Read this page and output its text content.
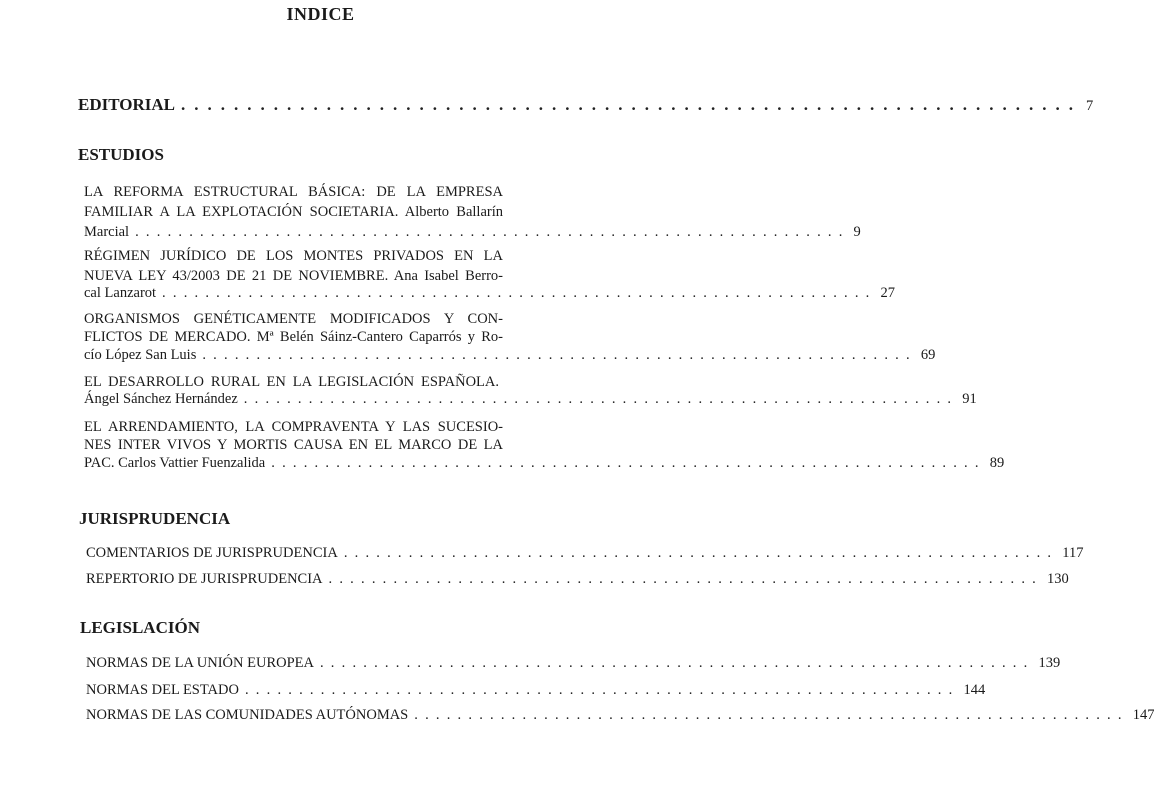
INDICE
EDITORIAL .................................................................... 7
ESTUDIOS
LA REFORMA ESTRUCTURAL BÁSICA: DE LA EMPRESA
FAMILIAR A LA EXPLOTACIÓN SOCIETARIA. Alberto Ballarín
Marcial .................................................................. 9
RÉGIMEN JURÍDICO DE LOS MONTES PRIVADOS EN LA
NUEVA LEY 43/2003 DE 21 DE NOVIEMBRE. Ana Isabel Berro-
cal Lanzarot .................................................................. 27
ORGANISMOS GENÉTICAMENTE MODIFICADOS Y CON-
FLICTOS DE MERCADO. Mª Belén Sáinz-Cantero Caparrós y Ro-
cío López San Luis .................................................................. 69
EL DESARROLLO RURAL EN LA LEGISLACIÓN ESPAÑOLA.
Ángel Sánchez Hernández .................................................................. 91
EL ARRENDAMIENTO, LA COMPRAVENTA Y LAS SUCESIO-
NES INTER VIVOS Y MORTIS CAUSA EN EL MARCO DE LA
PAC. Carlos Vattier Fuenzalida .................................................................. 89
JURISPRUDENCIA
COMENTARIOS DE JURISPRUDENCIA .................................................................. 117
REPERTORIO DE JURISPRUDENCIA .................................................................. 130
LEGISLACIÓN
NORMAS DE LA UNIÓN EUROPEA .................................................................. 139
NORMAS DEL ESTADO .................................................................. 144
NORMAS DE LAS COMUNIDADES AUTÓNOMAS .................................................................. 147
